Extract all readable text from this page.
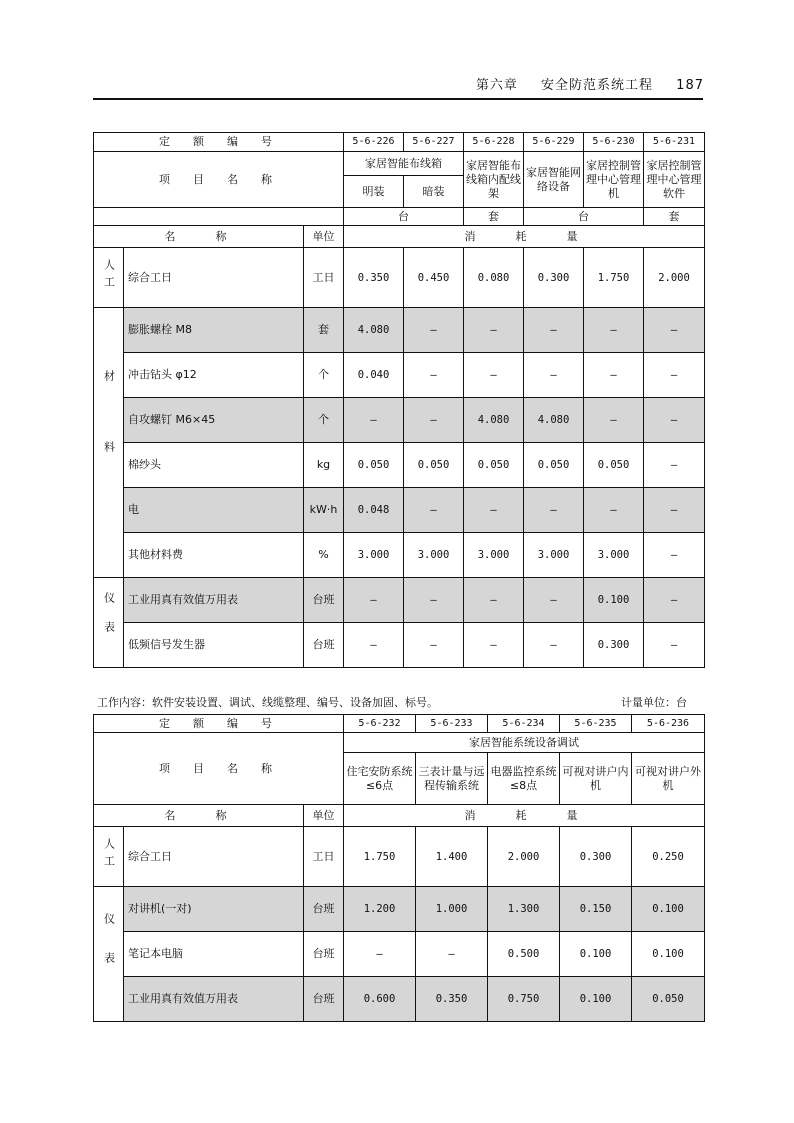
第六章 安全防范系统工程 187
定　额　编　号			5-6-226	5-6-227	5-6-228	5-6-229	5-6-230	5-6-231
项　目　名　称			家居智能布线箱		家居智能布线箱内配线架	家居智能网络设备	家居控制管理中心管理机	家居控制管理中心管理软件
			明装	暗装				
			台		套	台		套
名　　称		单位	消　　耗　　量					
人工	综合工日	工日	0.350	0.450	0.080	0.300	1.750	2.000
材料	膨胀螺栓 M8	套	4.080	—	—	—	—	—
	冲击钻头 φ12	个	0.040	—	—	—	—	—
	自攻螺钉 M6×45	个	—	—	4.080	4.080	—	—
	棉纱头	kg	0.050	0.050	0.050	0.050	0.050	—
	电	kW·h	0.048	—	—	—	—	—
	其他材料费	%	3.000	3.000	3.000	3.000	3.000	—
仪表	工业用真有效值万用表	台班	—	—	—	—	0.100	—
	低频信号发生器	台班	—	—	—	—	0.300	—
工作内容：软件安装设置、调试、线缆整理、编号、设备加固、标号。	计量单位：台
定　额　编　号			5-6-232	5-6-233	5-6-234	5-6-235	5-6-236
项　目　名　称			家居智能系统设备调试				
			住宅安防系统≤6点	三表计量与远程传输系统	电器监控系统≤8点	可视对讲户内机	可视对讲户外机
名　　称		单位	消　　耗　　量				
人工	综合工日	工日	1.750	1.400	2.000	0.300	0.250
仪表	对讲机(一对)	台班	1.200	1.000	1.300	0.150	0.100
	笔记本电脑	台班	—	—	0.500	0.100	0.100
	工业用真有效值万用表	台班	0.600	0.350	0.750	0.100	0.050
